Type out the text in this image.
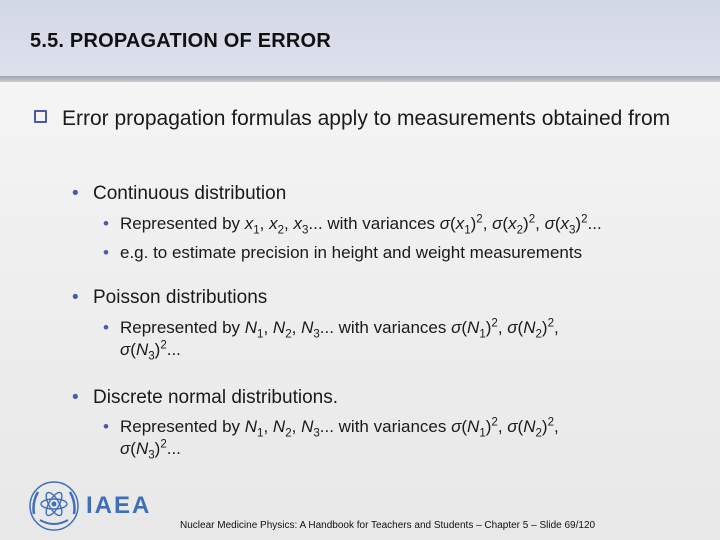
5.5. PROPAGATION OF ERROR
Error propagation formulas apply to measurements obtained from
• Continuous distribution
• Represented by $x_1$, $x_2$, $x_3$... with variances $\sigma(x_1)^2$, $\sigma(x_2)^2$, $\sigma(x_3)^2$...
• e.g. to estimate precision in height and weight measurements
• Poisson distributions
• Represented by $N_1$, $N_2$, $N_3$... with variances $\sigma(N_1)^2$, $\sigma(N_2)^2$,
$\sigma(N_3)^2$...
• Discrete normal distributions.
• Represented by $N_1$, $N_2$, $N_3$... with variances $\sigma(N_1)^2$, $\sigma(N_2)^2$,
$\sigma(N_3)^2$...
IAEA
Nuclear Medicine Physics: A Handbook for Teachers and Students – Chapter 5 – Slide 69/120
